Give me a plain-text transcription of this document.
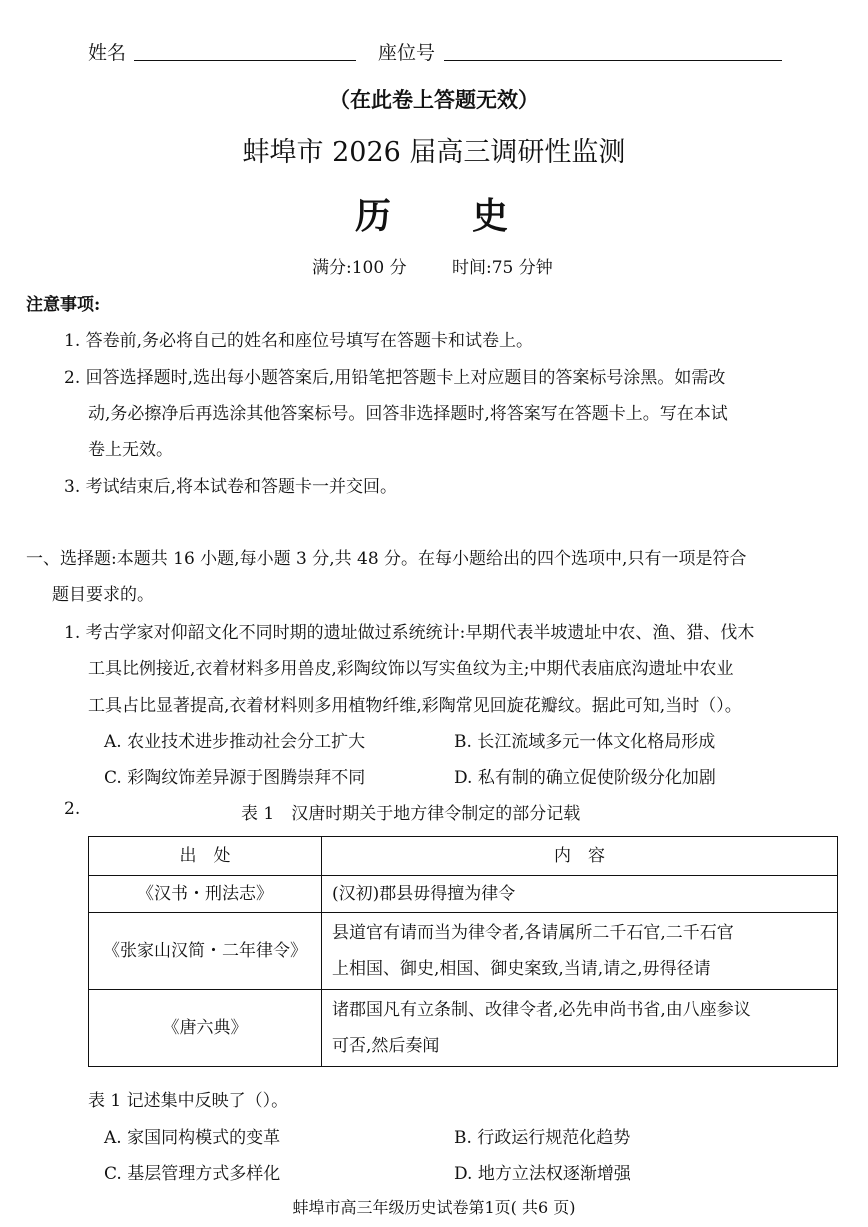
姓名	座位号
（在此卷上答题无效）
蚌埠市 2026 届高三调研性监测
历 史
满分:100 分	时间:75 分钟
注意事项:
1. 答卷前,务必将自己的姓名和座位号填写在答题卡和试卷上。
2. 回答选择题时,选出每小题答案后,用铅笔把答题卡上对应题目的答案标号涂黑。如需改
动,务必擦净后再选涂其他答案标号。回答非选择题时,将答案写在答题卡上。写在本试
卷上无效。
3. 考试结束后,将本试卷和答题卡一并交回。
一、选择题:本题共 16 小题,每小题 3 分,共 48 分。在每小题给出的四个选项中,只有一项是符合
题目要求的。
1. 考古学家对仰韶文化不同时期的遗址做过系统统计:早期代表半坡遗址中农、渔、猎、伐木
工具比例接近,衣着材料多用兽皮,彩陶纹饰以写实鱼纹为主;中期代表庙底沟遗址中农业
工具占比显著提高,衣着材料则多用植物纤维,彩陶常见回旋花瓣纹。据此可知,当时（）。
A. 农业技术进步推动社会分工扩大	B. 长江流域多元一体文化格局形成
C. 彩陶纹饰差异源于图腾崇拜不同	D. 私有制的确立促使阶级分化加剧
2.	表 1　汉唐时期关于地方律令制定的部分记载
出　处	内　容
《汉书・刑法志》	(汉初)郡县毋得擅为律令

《张家山汉简・二年律令》	县道官有请而当为律令者,各请属所二千石官,二千石官
上相国、御史,相国、御史案致,当请,请之,毋得径请

《唐六典》	诸郡国凡有立条制、改律令者,必先申尚书省,由八座参议
可否,然后奏闻
表 1 记述集中反映了（）。
A. 家国同构模式的变革	B. 行政运行规范化趋势
C. 基层管理方式多样化	D. 地方立法权逐渐增强
蚌埠市高三年级历史试卷第1页( 共6 页)
